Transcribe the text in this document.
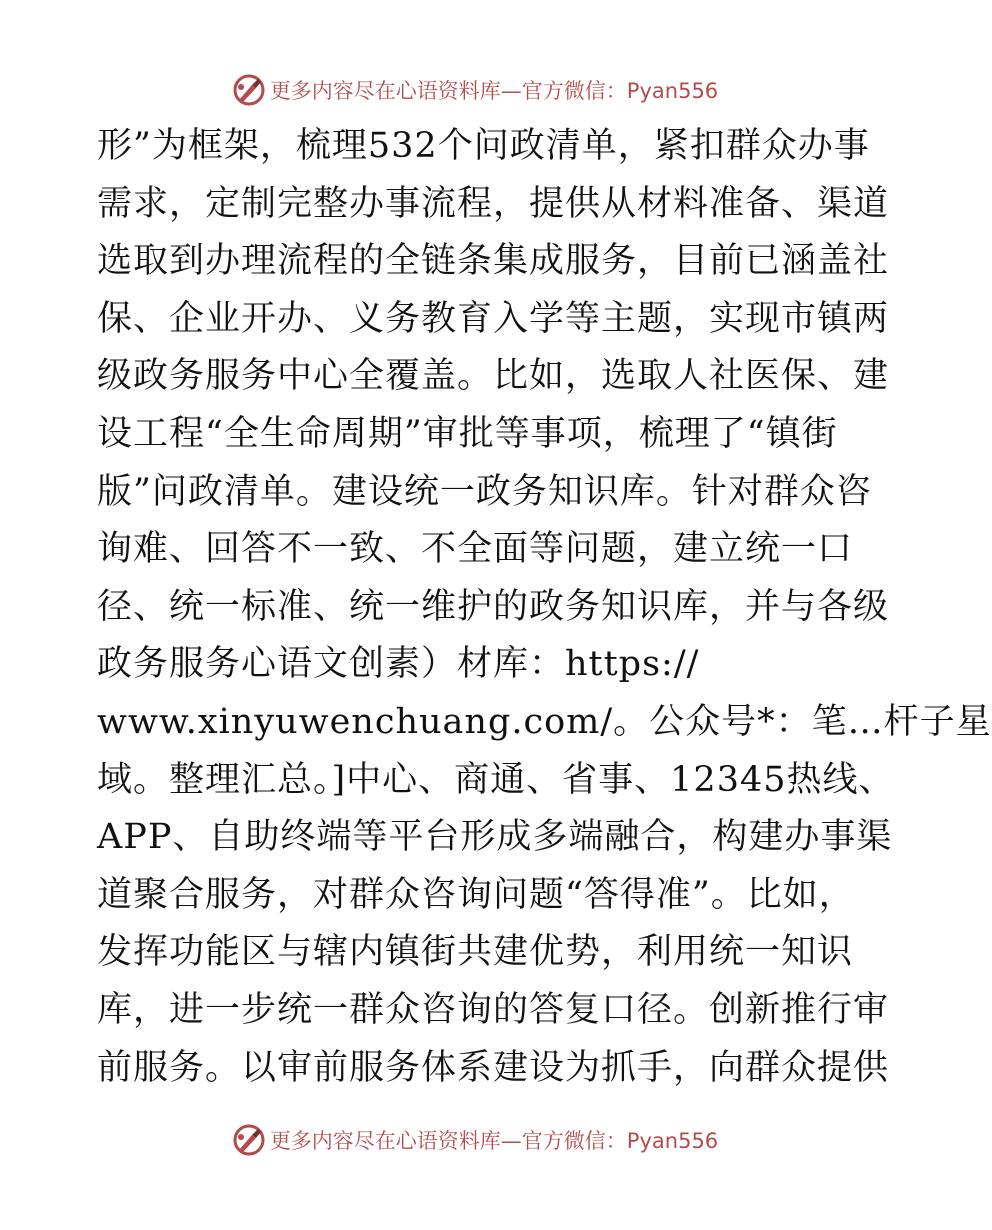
更多内容尽在心语资料库—官方微信：Pyan556
形”为框架，梳理532个问政清单，紧扣群众办事
需求，定制完整办事流程，提供从材料准备、渠道
选取到办理流程的全链条集成服务，目前已涵盖社
保、企业开办、义务教育入学等主题，实现市镇两
级政务服务中心全覆盖。比如，选取人社医保、建
设工程“全生命周期”审批等事项，梳理了“镇街
版”问政清单。建设统一政务知识库。针对群众咨
询难、回答不一致、不全面等问题，建立统一口
径、统一标准、统一维护的政务知识库，并与各级
政务服务心语文创素）材库：https://
www.xinyuwenchuang.com/。公众号*：笔…杆子星
域。整理汇总。]中心、商通、省事、12345热线、
APP、自助终端等平台形成多端融合，构建办事渠
道聚合服务，对群众咨询问题“答得准”。比如，
发挥功能区与辖内镇街共建优势，利用统一知识
库，进一步统一群众咨询的答复口径。创新推行审
前服务。以审前服务体系建设为抓手，向群众提供
更多内容尽在心语资料库—官方微信：Pyan556
